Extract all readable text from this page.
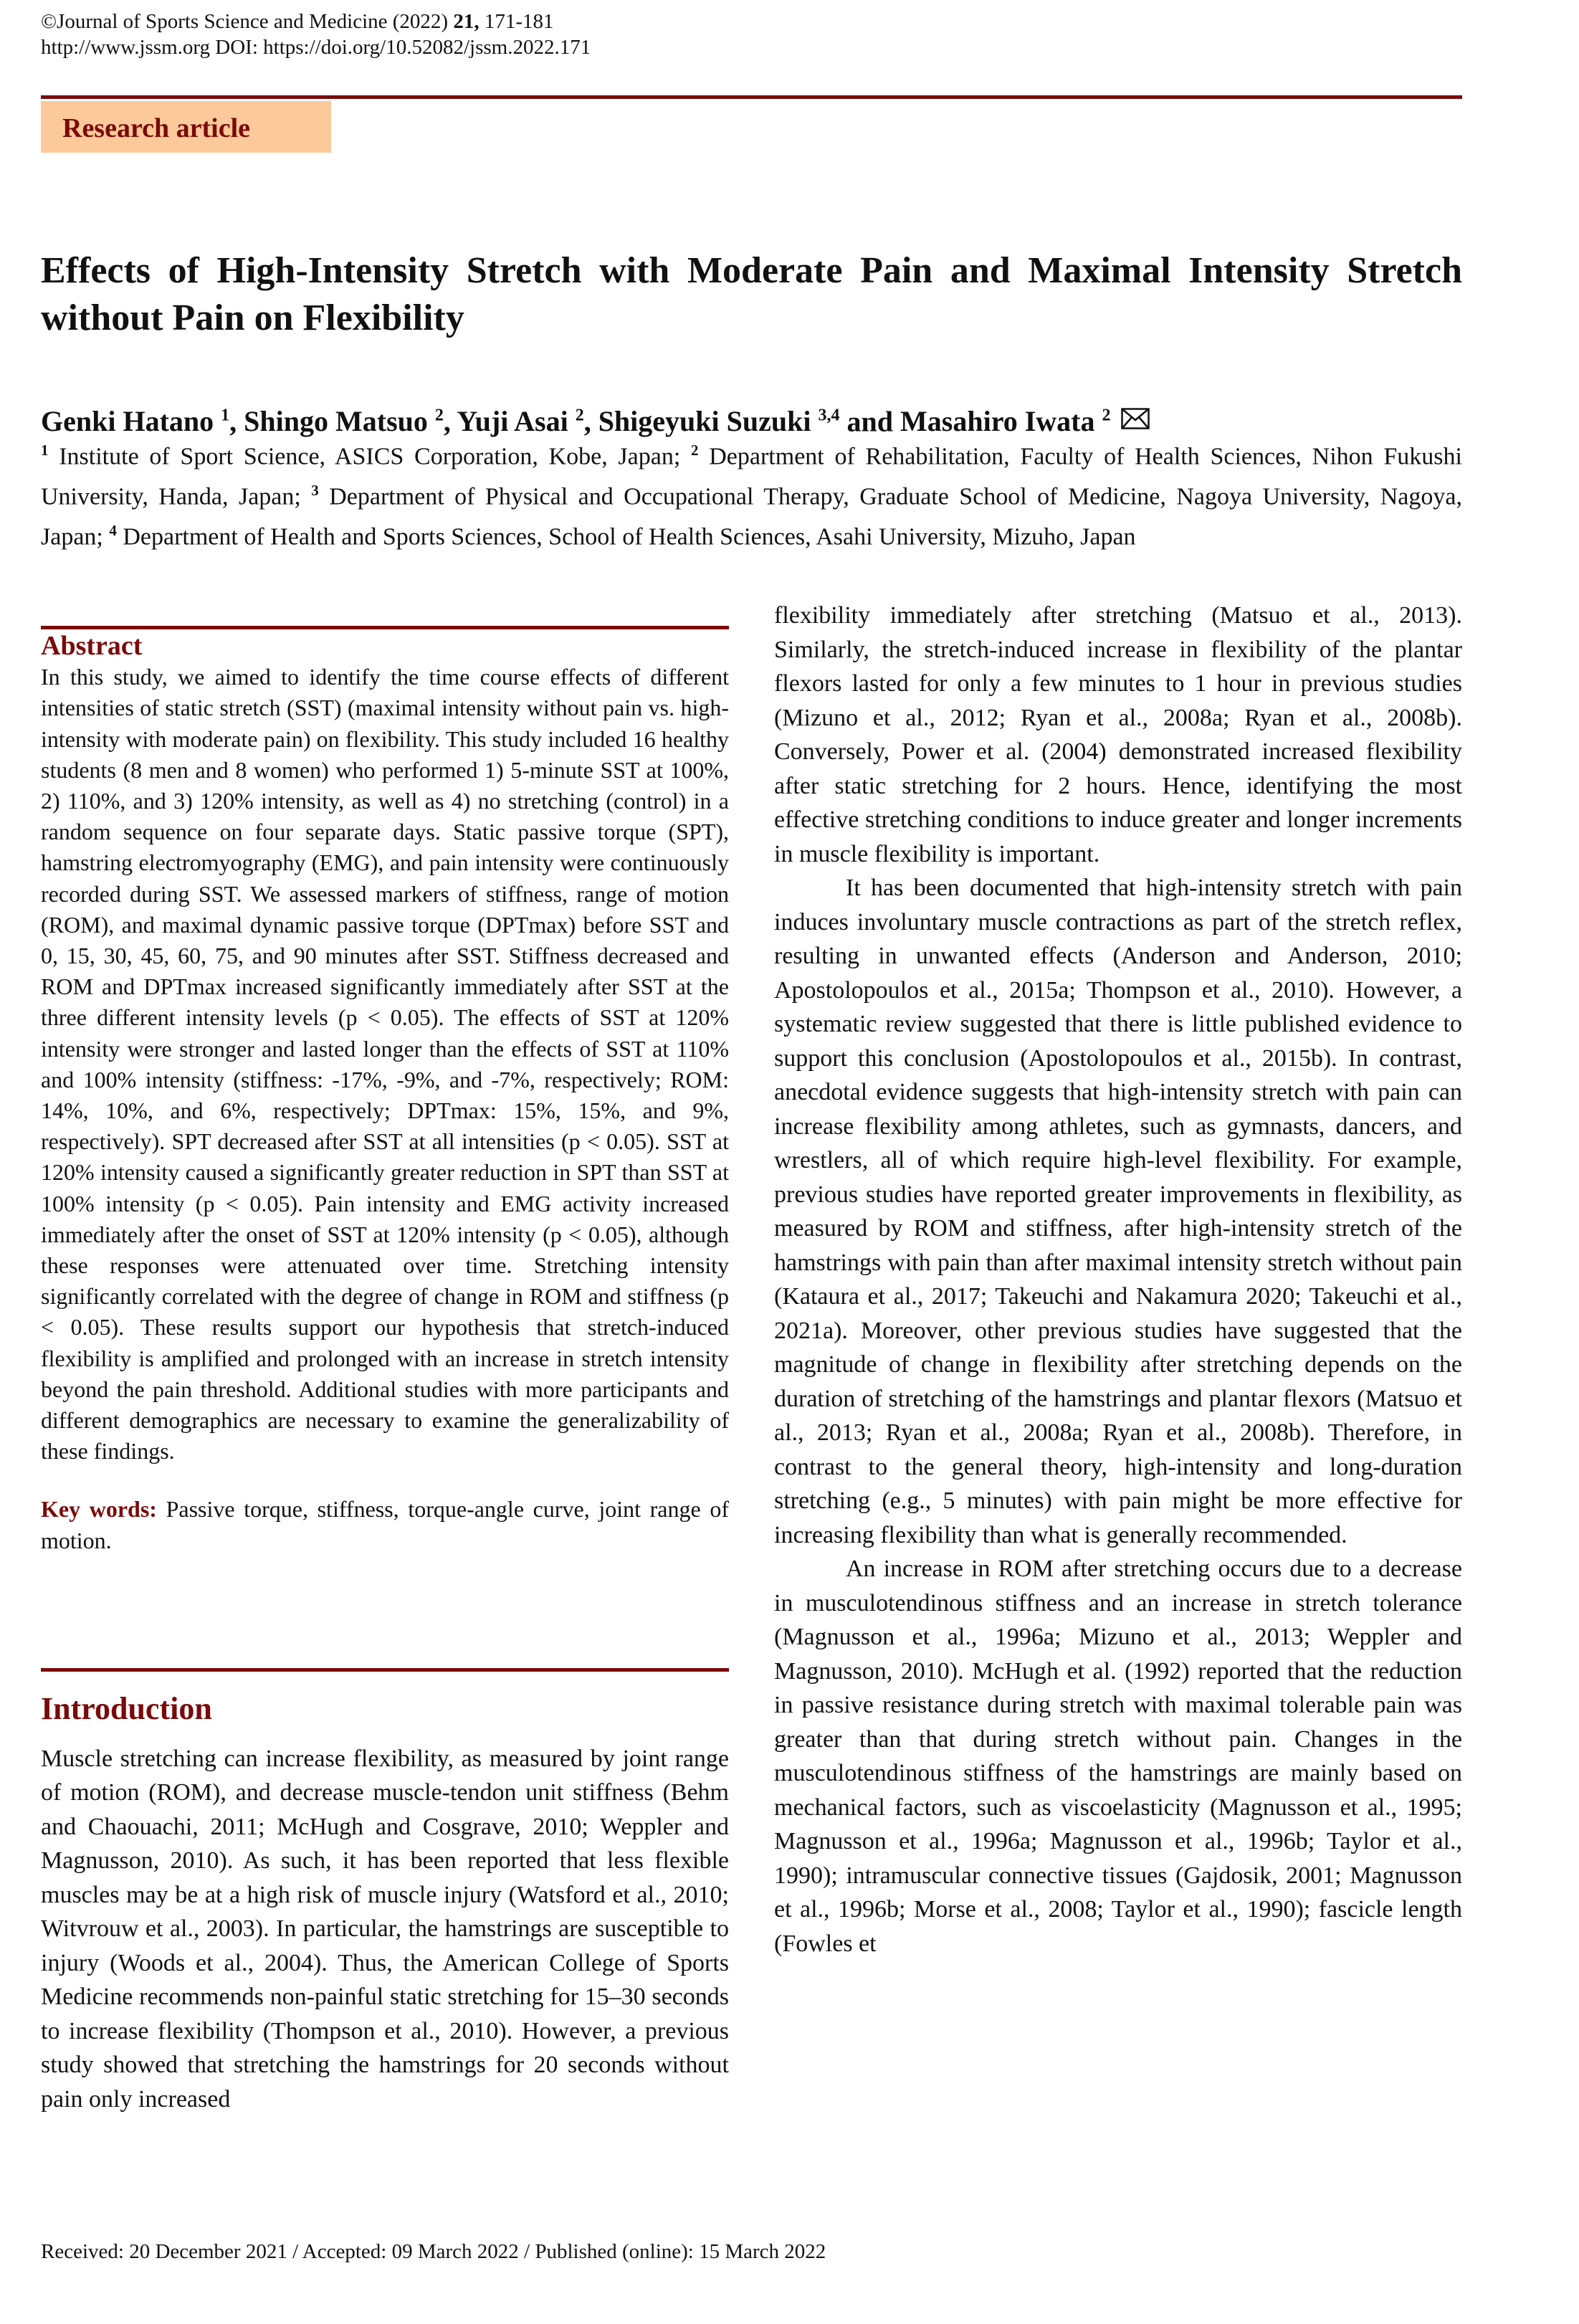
©Journal of Sports Science and Medicine (2022) 21, 171-181
http://www.jssm.org DOI: https://doi.org/10.52082/jssm.2022.171
Research article
Effects of High-Intensity Stretch with Moderate Pain and Maximal Intensity Stretch without Pain on Flexibility
Genki Hatano $^1$, Shingo Matsuo $^2$, Yuji Asai $^2$, Shigeyuki Suzuki $^{3,4}$ and Masahiro Iwata $^2$
$^1$ Institute of Sport Science, ASICS Corporation, Kobe, Japan; $^2$ Department of Rehabilitation, Faculty of Health Sciences, Nihon Fukushi University, Handa, Japan; $^3$ Department of Physical and Occupational Therapy, Graduate School of Medicine, Nagoya University, Nagoya, Japan; $^4$ Department of Health and Sports Sciences, School of Health Sciences, Asahi University, Mizuho, Japan
Abstract

In this study, we aimed to identify the time course effects of different intensities of static stretch (SST) (maximal intensity without pain vs. high-intensity with moderate pain) on flexibility. This study included 16 healthy students (8 men and 8 women) who performed 1) 5-minute SST at 100%, 2) 110%, and 3) 120% intensity, as well as 4) no stretching (control) in a random sequence on four separate days. Static passive torque (SPT), hamstring electromyography (EMG), and pain intensity were continuously recorded during SST. We assessed markers of stiffness, range of motion (ROM), and maximal dynamic passive torque (DPTmax) before SST and 0, 15, 30, 45, 60, 75, and 90 minutes after SST. Stiffness decreased and ROM and DPTmax increased significantly immediately after SST at the three different intensity levels (p < 0.05). The effects of SST at 120% intensity were stronger and lasted longer than the effects of SST at 110% and 100% intensity (stiffness: -17%, -9%, and -7%, respectively; ROM: 14%, 10%, and 6%, respectively; DPTmax: 15%, 15%, and 9%, respectively). SPT decreased after SST at all intensities (p < 0.05). SST at 120% intensity caused a significantly greater reduction in SPT than SST at 100% intensity (p < 0.05). Pain intensity and EMG activity increased immediately after the onset of SST at 120% intensity (p < 0.05), although these responses were attenuated over time. Stretching intensity significantly correlated with the degree of change in ROM and stiffness (p < 0.05). These results support our hypothesis that stretch-induced flexibility is amplified and prolonged with an increase in stretch intensity beyond the pain threshold. Additional studies with more participants and different demographics are necessary to examine the generalizability of these findings.

Key words: Passive torque, stiffness, torque-angle curve, joint range of motion.

Introduction

Muscle stretching can increase flexibility, as measured by joint range of motion (ROM), and decrease muscle-tendon unit stiffness (Behm and Chaouachi, 2011; McHugh and Cosgrave, 2010; Weppler and Magnusson, 2010). As such, it has been reported that less flexible muscles may be at a high risk of muscle injury (Watsford et al., 2010; Witvrouw et al., 2003). In particular, the hamstrings are susceptible to injury (Woods et al., 2004). Thus, the American College of Sports Medicine recommends non-painful static stretching for 15–30 seconds to increase flexibility (Thompson et al., 2010). However, a previous study showed that stretching the hamstrings for 20 seconds without pain only increased

flexibility immediately after stretching (Matsuo et al., 2013). Similarly, the stretch-induced increase in flexibility of the plantar flexors lasted for only a few minutes to 1 hour in previous studies (Mizuno et al., 2012; Ryan et al., 2008a; Ryan et al., 2008b). Conversely, Power et al. (2004) demonstrated increased flexibility after static stretching for 2 hours. Hence, identifying the most effective stretching conditions to induce greater and longer increments in muscle flexibility is important.

It has been documented that high-intensity stretch with pain induces involuntary muscle contractions as part of the stretch reflex, resulting in unwanted effects (Anderson and Anderson, 2010; Apostolopoulos et al., 2015a; Thompson et al., 2010). However, a systematic review suggested that there is little published evidence to support this conclusion (Apostolopoulos et al., 2015b). In contrast, anecdotal evidence suggests that high-intensity stretch with pain can increase flexibility among athletes, such as gymnasts, dancers, and wrestlers, all of which require high-level flexibility. For example, previous studies have reported greater improvements in flexibility, as measured by ROM and stiffness, after high-intensity stretch of the hamstrings with pain than after maximal intensity stretch without pain (Kataura et al., 2017; Takeuchi and Nakamura 2020; Takeuchi et al., 2021a). Moreover, other previous studies have suggested that the magnitude of change in flexibility after stretching depends on the duration of stretching of the hamstrings and plantar flexors (Matsuo et al., 2013; Ryan et al., 2008a; Ryan et al., 2008b). Therefore, in contrast to the general theory, high-intensity and long-duration stretching (e.g., 5 minutes) with pain might be more effective for increasing flexibility than what is generally recommended.

An increase in ROM after stretching occurs due to a decrease in musculotendinous stiffness and an increase in stretch tolerance (Magnusson et al., 1996a; Mizuno et al., 2013; Weppler and Magnusson, 2010). McHugh et al. (1992) reported that the reduction in passive resistance during stretch with maximal tolerable pain was greater than that during stretch without pain. Changes in the musculotendinous stiffness of the hamstrings are mainly based on mechanical factors, such as viscoelasticity (Magnusson et al., 1995; Magnusson et al., 1996a; Magnusson et al., 1996b; Taylor et al., 1990); intramuscular connective tissues (Gajdosik, 2001; Magnusson et al., 1996b; Morse et al., 2008; Taylor et al., 1990); fascicle length (Fowles et

Received: 20 December 2021 / Accepted: 09 March 2022 / Published (online): 15 March 2022
